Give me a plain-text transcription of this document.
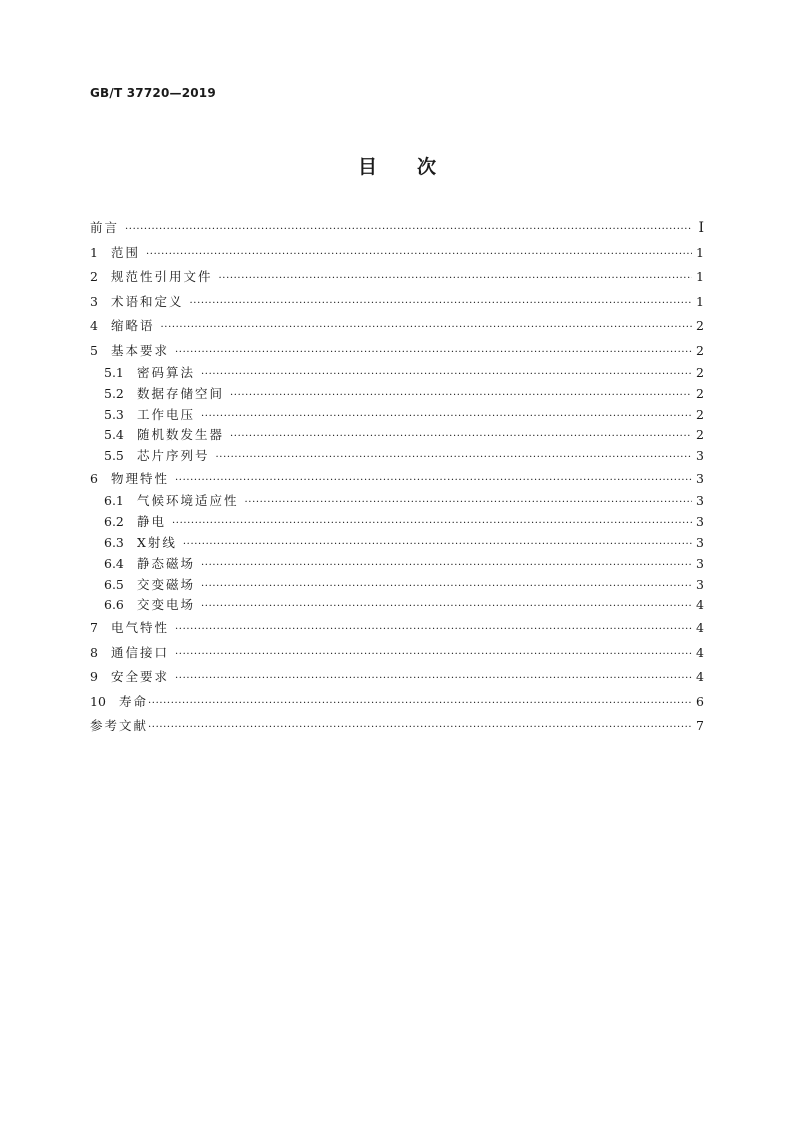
GB/T 37720—2019
目次
前言 ·····	I
1	范围 ·····	1
2	规范性引用文件 ·····	1
3	术语和定义 ·····	1
4	缩略语 ·····	2
5	基本要求 ·····	2
5.1	密码算法 ·····	2
5.2	数据存储空间 ·····	2
5.3	工作电压 ·····	2
5.4	随机数发生器 ·····	2
5.5	芯片序列号 ·····	3
6	物理特性 ·····	3
6.1	气候环境适应性 ·····	3
6.2	静电 ·····	3
6.3	X射线 ·····	3
6.4	静态磁场 ·····	3
6.5	交变磁场 ·····	3
6.6	交变电场 ·····	4
7	电气特性 ·····	4
8	通信接口 ·····	4
9	安全要求 ·····	4
10	寿命 ·····	6
参考文献 ·····	7
